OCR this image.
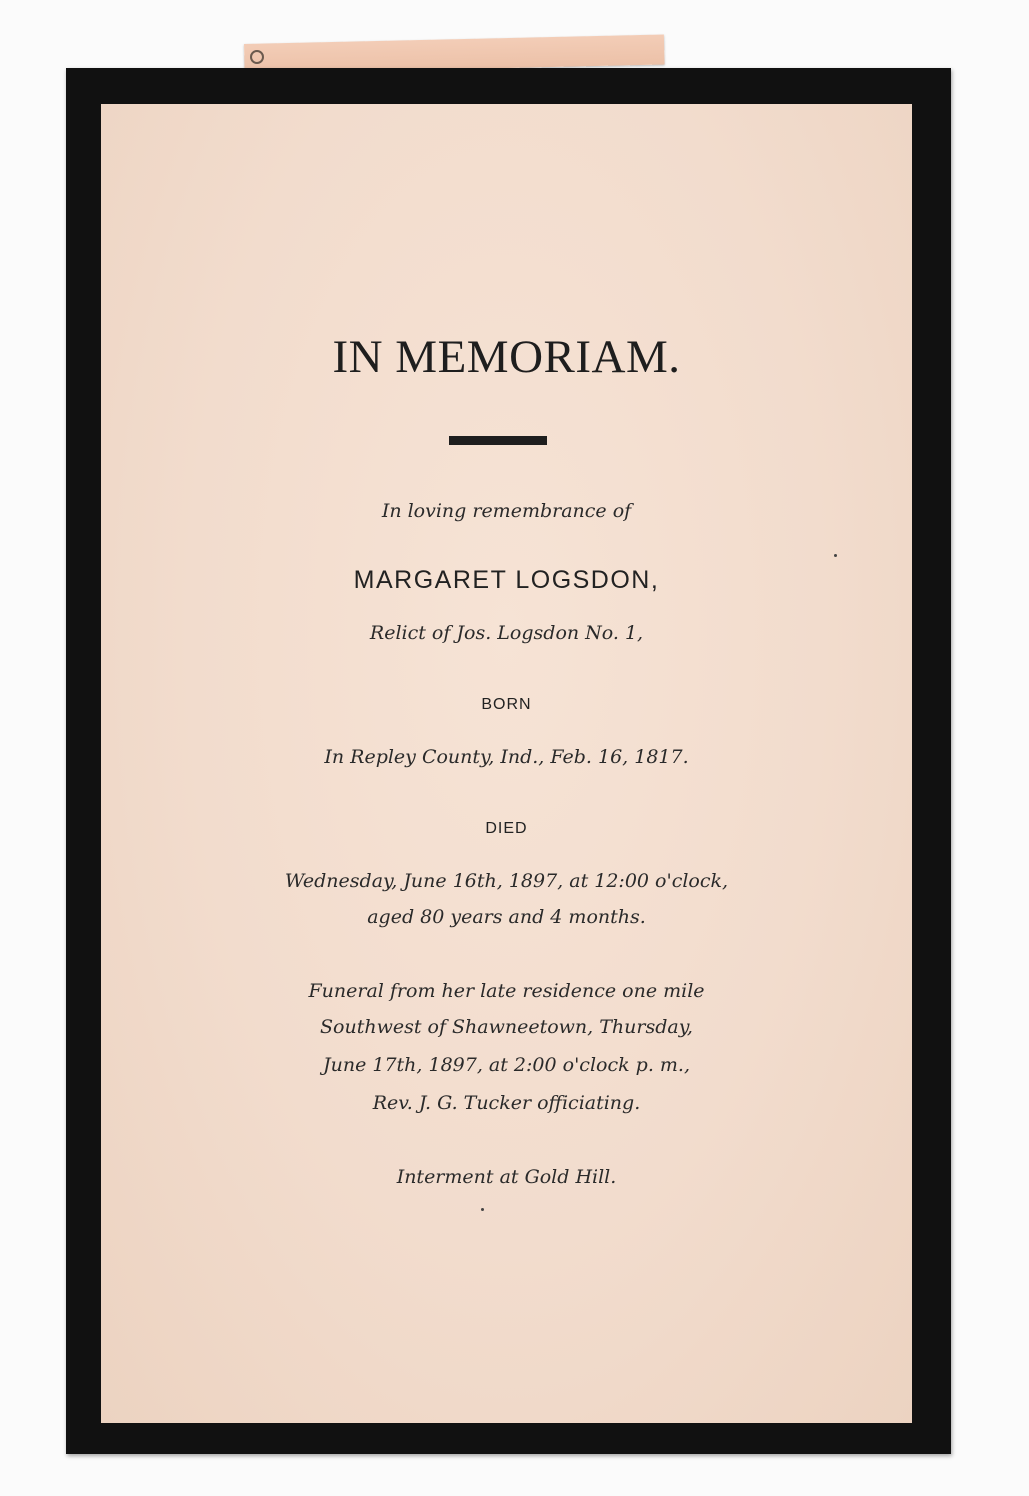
IN MEMORIAM.
In loving remembrance of
MARGARET LOGSDON,
Relict of Jos. Logsdon No. 1,
BORN
In Repley County, Ind., Feb. 16, 1817.
DIED
Wednesday, June 16th, 1897, at 12:00 o'clock,
aged 80 years and 4 months.
Funeral from her late residence one mile
Southwest of Shawneetown, Thursday,
June 17th, 1897, at 2:00 o'clock p. m.,
Rev. J. G. Tucker officiating.
Interment at Gold Hill.
